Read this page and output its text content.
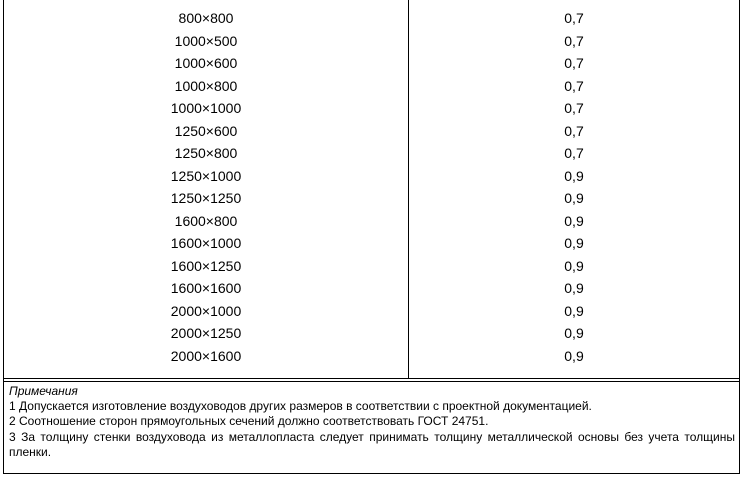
800×800	0,7
1000×500	0,7
1000×600	0,7
1000×800	0,7
1000×1000	0,7
1250×600	0,7
1250×800	0,7
1250×1000	0,9
1250×1250	0,9
1600×800	0,9
1600×1000	0,9
1600×1250	0,9
1600×1600	0,9
2000×1000	0,9
2000×1250	0,9
2000×1600	0,9
Примечания
1 Допускается изготовление воздуховодов других размеров в соответствии с проектной документацией.
2 Соотношение сторон прямоугольных сечений должно соответствовать ГОСТ 24751.
3 За толщину стенки воздуховода из металлопласта следует принимать толщину металлической основы без учета толщины пленки.
